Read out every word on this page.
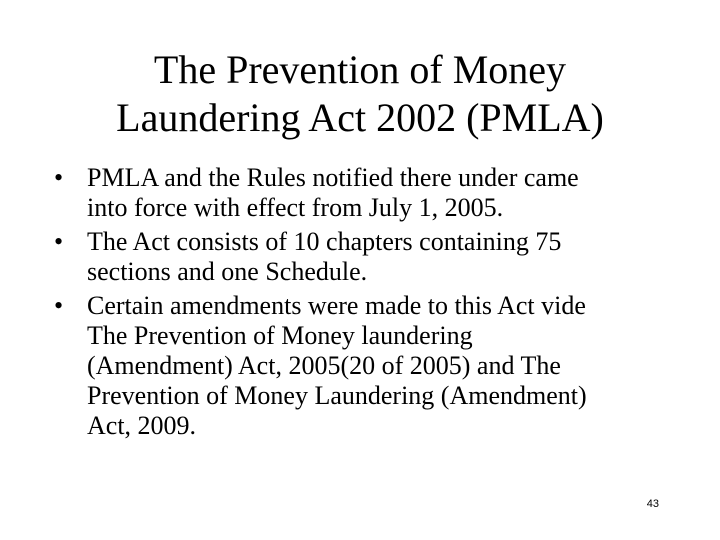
The Prevention of Money
Laundering Act 2002 (PMLA)
• PMLA and the Rules notified there under came
into force with effect from July 1, 2005.
• The Act consists of 10 chapters containing 75
sections and one Schedule.
• Certain amendments were made to this Act vide
The Prevention of Money laundering
(Amendment) Act, 2005(20 of 2005) and The
Prevention of Money Laundering (Amendment)
Act, 2009.
43
